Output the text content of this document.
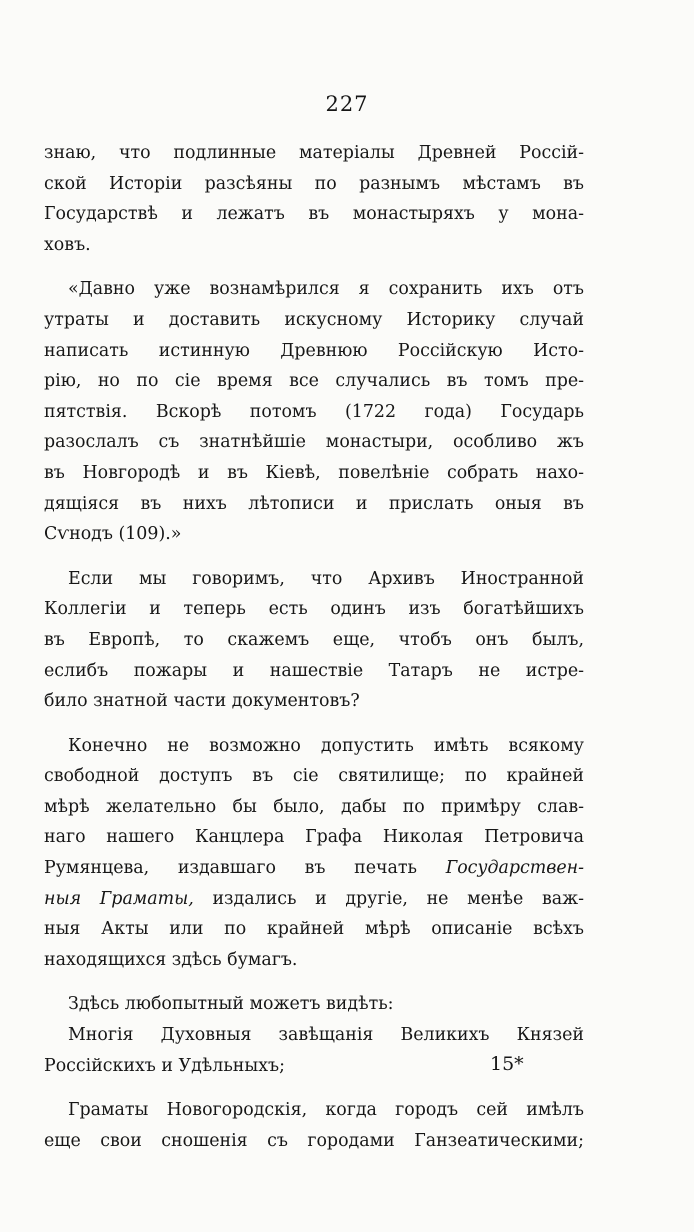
227
знаю, что подлинные матеріалы Древней Россій-
ской Исторіи разсѣяны по разнымъ мѣстамъ въ
Государствѣ и лежатъ въ монастыряхъ у мона-
ховъ.
«Давно уже вознамѣрился я сохранить ихъ отъ
утраты и доставить искусному Историку случай
написать истинную Древнюю Россійскую Исто-
рію, но по сіе время все случались въ томъ пре-
пятствія. Вскорѣ потомъ (1722 года) Государь
разослалъ съ знатнѣйшіе монастыри, особливо жъ
въ Новгородѣ и въ Кіевѣ, повелѣніе собрать нахо-
дящіяся въ нихъ лѣтописи и прислать оныя въ
Сѵнодъ (109).»
Если мы говоримъ, что Архивъ Иностранной
Коллегіи и теперь есть одинъ изъ богатѣйшихъ
въ Европѣ, то скажемъ еще, чтобъ онъ былъ,
еслибъ пожары и нашествіе Татаръ не истре-
било знатной части документовъ?
Конечно не возможно допустить имѣть всякому
свободной доступъ въ сіе святилище; по крайней
мѣрѣ желательно бы было, дабы по примѣру слав-
наго нашего Канцлера Графа Николая Петровича
Румянцева, издавшаго въ печать Государствен-
ныя Граматы, издались и другіе, не менѣе важ-
ныя Акты или по крайней мѣрѣ описаніе всѣхъ
находящихся здѣсь бумагъ.
Здѣсь любопытный можетъ видѣть:
Многія Духовныя завѣщанія Великихъ Князей
Россійскихъ и Удѣльныхъ;
Граматы Новогородскія, когда городъ сей имѣлъ
еще свои сношенія съ городами Ганзеатическими;
15*
